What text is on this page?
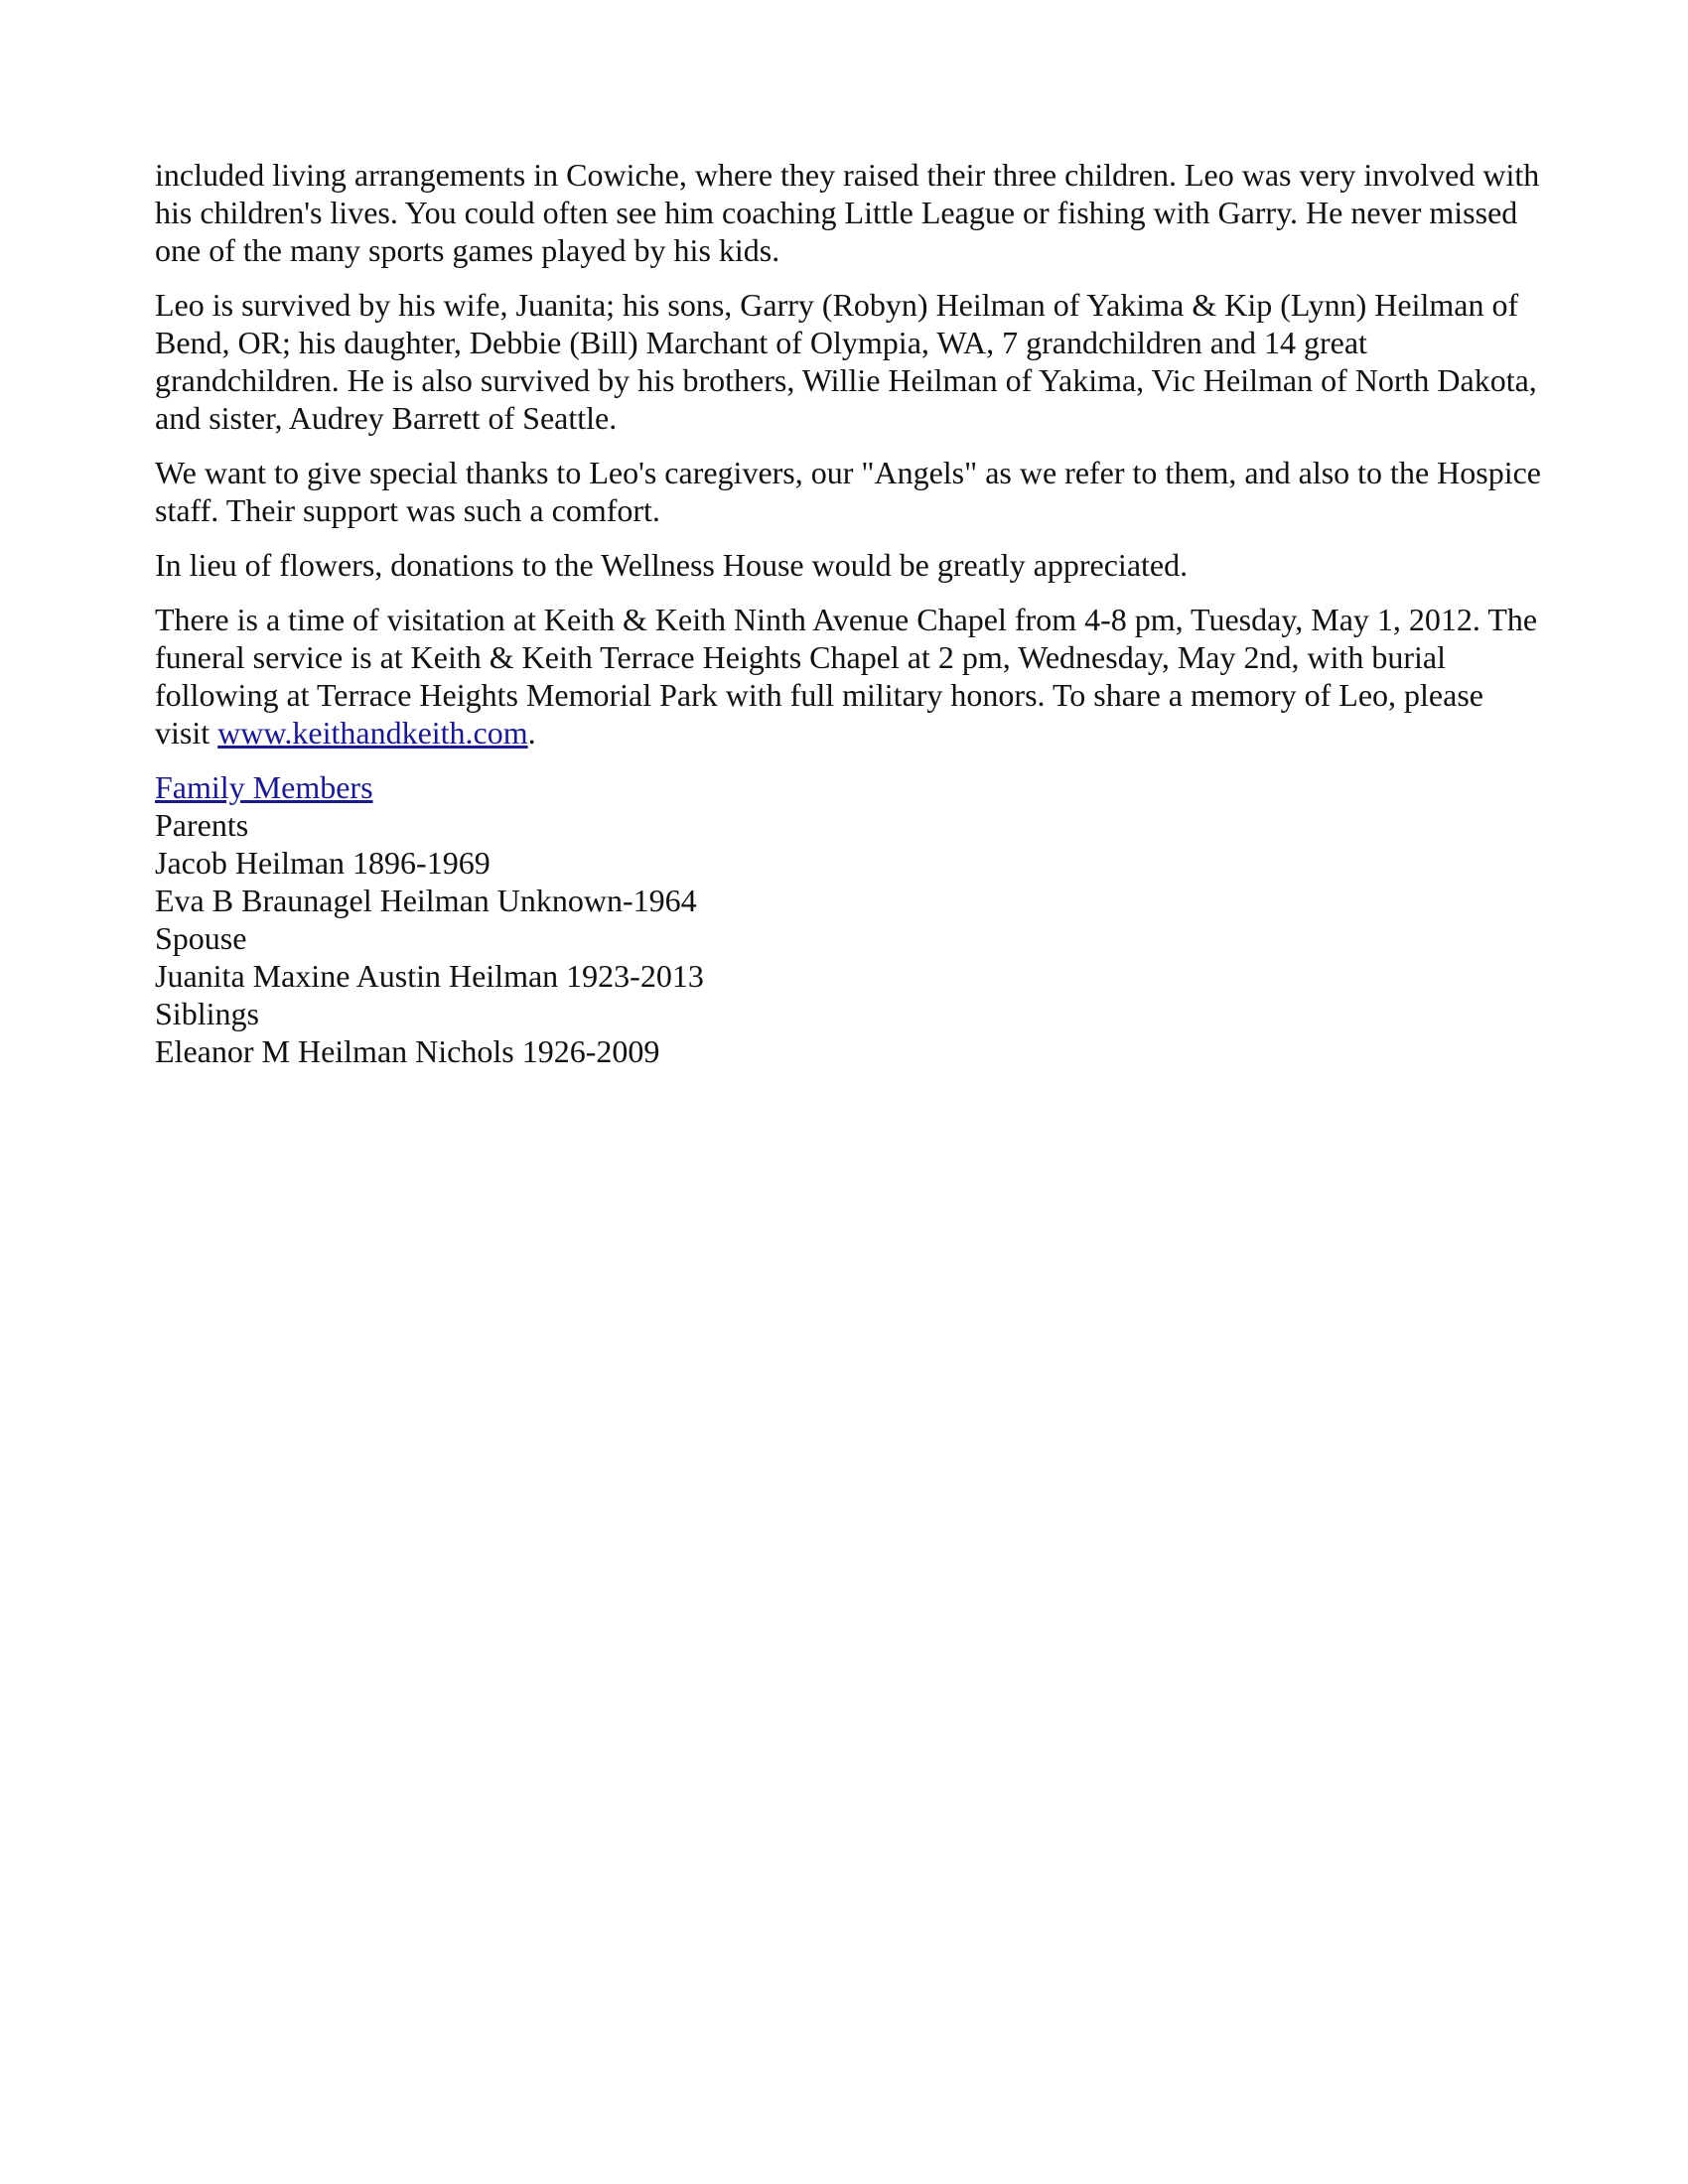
included living arrangements in Cowiche, where they raised their three children. Leo was very involved with his children's lives. You could often see him coaching Little League or fishing with Garry. He never missed one of the many sports games played by his kids.

Leo is survived by his wife, Juanita; his sons, Garry (Robyn) Heilman of Yakima & Kip (Lynn) Heilman of Bend, OR; his daughter, Debbie (Bill) Marchant of Olympia, WA, 7 grandchildren and 14 great grandchildren. He is also survived by his brothers, Willie Heilman of Yakima, Vic Heilman of North Dakota, and sister, Audrey Barrett of Seattle.

We want to give special thanks to Leo's caregivers, our "Angels" as we refer to them, and also to the Hospice staff. Their support was such a comfort.

In lieu of flowers, donations to the Wellness House would be greatly appreciated.

There is a time of visitation at Keith & Keith Ninth Avenue Chapel from 4-8 pm, Tuesday, May 1, 2012. The funeral service is at Keith & Keith Terrace Heights Chapel at 2 pm, Wednesday, May 2nd, with burial following at Terrace Heights Memorial Park with full military honors. To share a memory of Leo, please visit www.keithandkeith.com.

Family Members
Parents
Jacob Heilman 1896-1969
Eva B Braunagel Heilman Unknown-1964
Spouse
Juanita Maxine Austin Heilman 1923-2013
Siblings
Eleanor M Heilman Nichols 1926-2009
